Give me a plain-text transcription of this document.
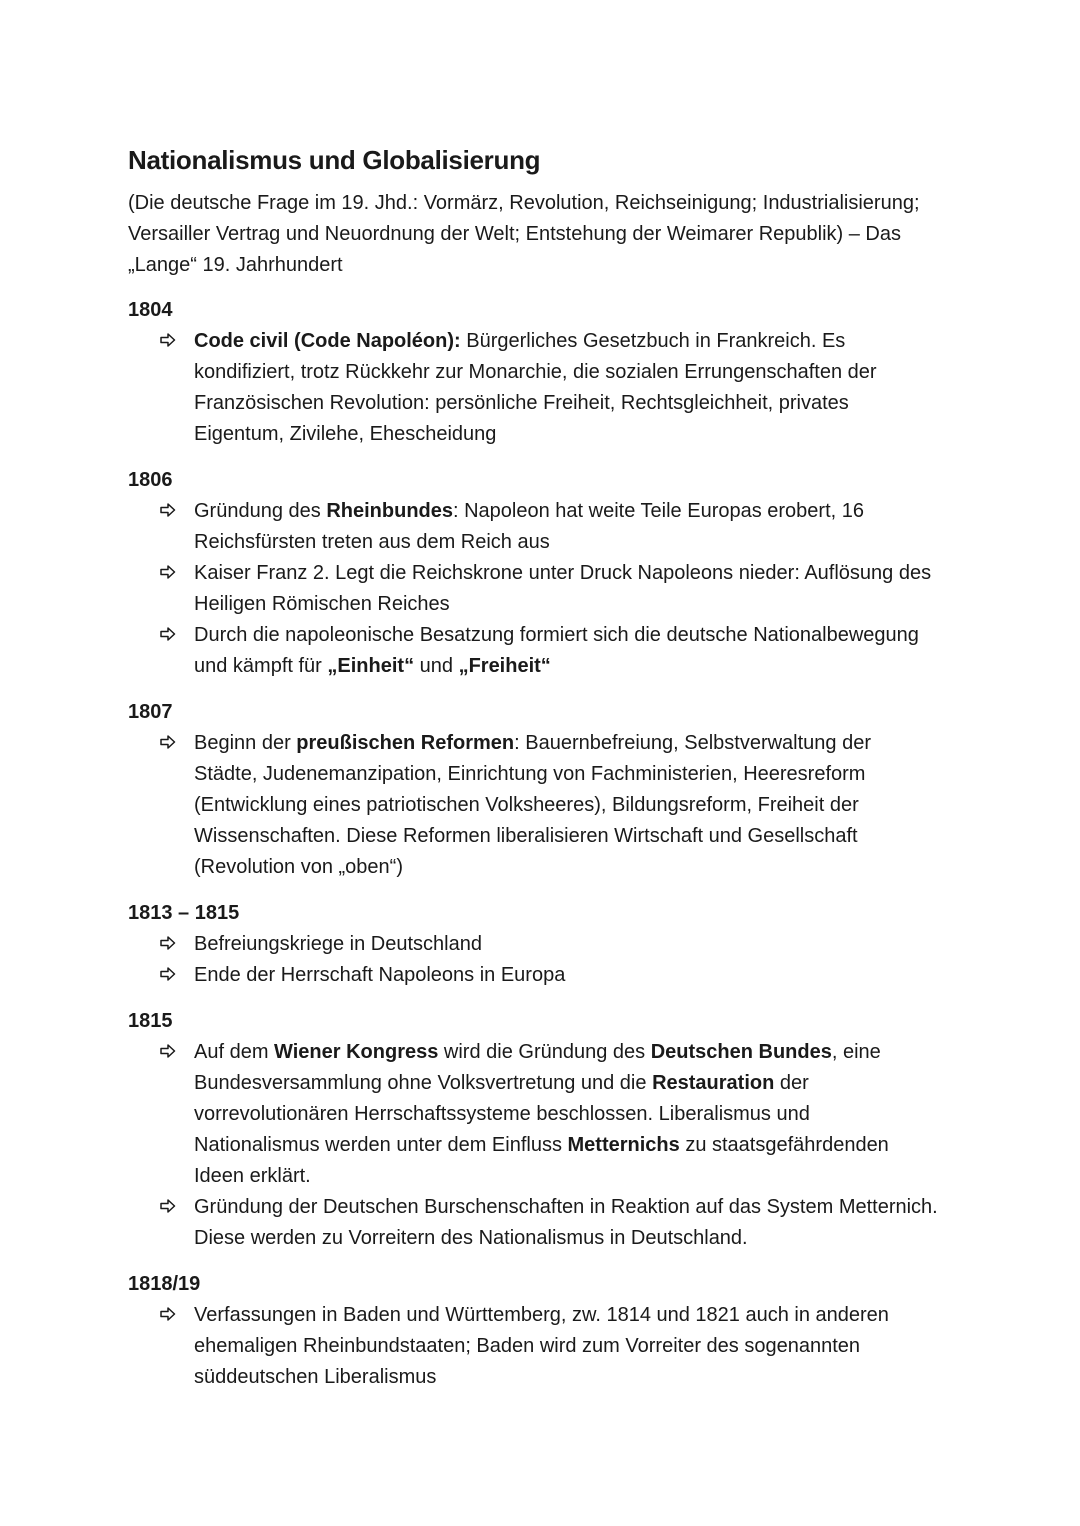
Nationalismus und Globalisierung

(Die deutsche Frage im 19. Jhd.: Vormärz, Revolution, Reichseinigung; Industrialisierung; Versailler Vertrag und Neuordnung der Welt; Entstehung der Weimarer Republik) – Das „Lange“ 19. Jahrhundert

1804
Code civil (Code Napoléon): Bürgerliches Gesetzbuch in Frankreich. Es kondifiziert, trotz Rückkehr zur Monarchie, die sozialen Errungenschaften der Französischen Revolution: persönliche Freiheit, Rechtsgleichheit, privates Eigentum, Zivilehe, Ehescheidung
1806
Gründung des Rheinbundes: Napoleon hat weite Teile Europas erobert, 16 Reichsfürsten treten aus dem Reich aus
Kaiser Franz 2. Legt die Reichskrone unter Druck Napoleons nieder: Auflösung des Heiligen Römischen Reiches
Durch die napoleonische Besatzung formiert sich die deutsche Nationalbewegung und kämpft für „Einheit“ und „Freiheit“
1807
Beginn der preußischen Reformen: Bauernbefreiung, Selbstverwaltung der Städte, Judenemanzipation, Einrichtung von Fachministerien, Heeresreform (Entwicklung eines patriotischen Volksheeres), Bildungsreform, Freiheit der Wissenschaften. Diese Reformen liberalisieren Wirtschaft und Gesellschaft (Revolution von „oben“)
1813 – 1815
Befreiungskriege in Deutschland
Ende der Herrschaft Napoleons in Europa
1815
Auf dem Wiener Kongress wird die Gründung des Deutschen Bundes, eine Bundesversammlung ohne Volksvertretung und die Restauration der vorrevolutionären Herrschaftssysteme beschlossen. Liberalismus und Nationalismus werden unter dem Einfluss Metternichs zu staatsgefährdenden Ideen erklärt.
Gründung der Deutschen Burschenschaften in Reaktion auf das System Metternich. Diese werden zu Vorreitern des Nationalismus in Deutschland.
1818/19
Verfassungen in Baden und Württemberg, zw. 1814 und 1821 auch in anderen ehemaligen Rheinbundstaaten; Baden wird zum Vorreiter des sogenannten süddeutschen Liberalismus
